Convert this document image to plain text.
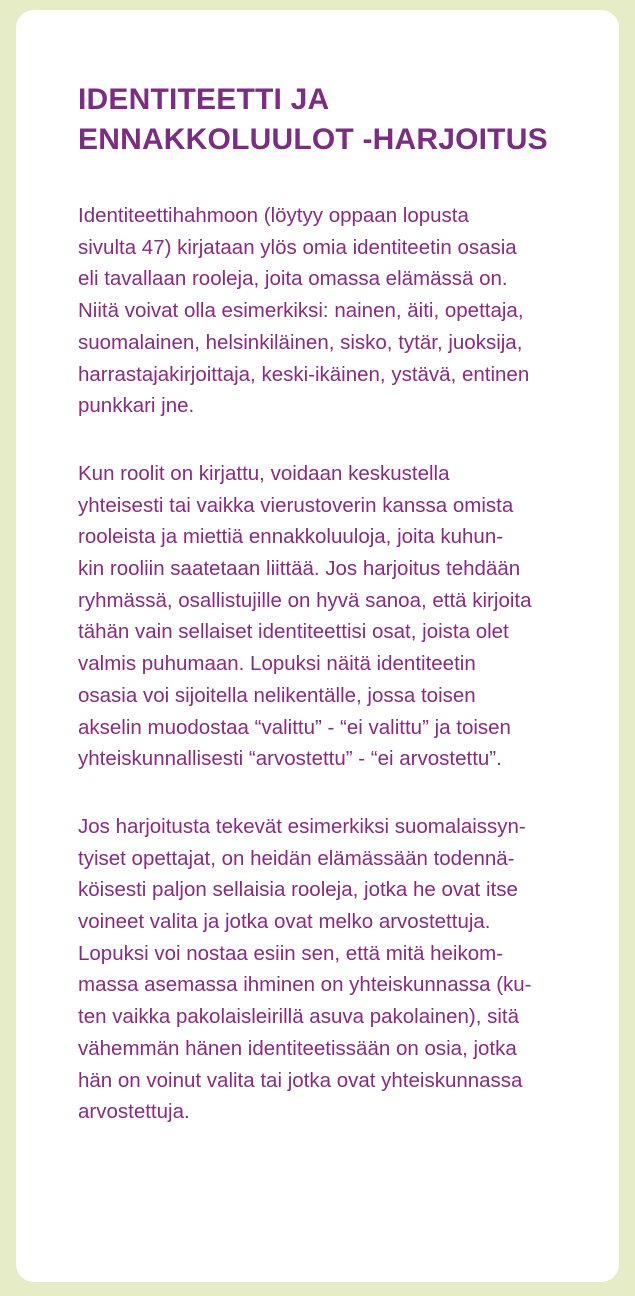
IDENTITEETTI JA
ENNAKKOLUULOT -HARJOITUS

Identiteettihahmoon (löytyy oppaan lopusta
sivulta 47) kirjataan ylös omia identiteetin osasia
eli tavallaan rooleja, joita omassa elämässä on.
Niitä voivat olla esimerkiksi: nainen, äiti, opettaja,
suomalainen, helsinkiläinen, sisko, tytär, juoksija,
harrastajakirjoittaja, keski-ikäinen, ystävä, entinen
punkkari jne.

Kun roolit on kirjattu, voidaan keskustella
yhteisesti tai vaikka vierustoverin kanssa omista
rooleista ja miettiä ennakkoluuloja, joita kuhun-
kin rooliin saatetaan liittää. Jos harjoitus tehdään
ryhmässä, osallistujille on hyvä sanoa, että kirjoita
tähän vain sellaiset identiteettisi osat, joista olet
valmis puhumaan. Lopuksi näitä identiteetin
osasia voi sijoitella nelikentälle, jossa toisen
akselin muodostaa “valittu” - “ei valittu” ja toisen
yhteiskunnallisesti “arvostettu” - “ei arvostettu”.

Jos harjoitusta tekevät esimerkiksi suomalaissyn-
tyiset opettajat, on heidän elämässään todennä-
köisesti paljon sellaisia rooleja, jotka he ovat itse
voineet valita ja jotka ovat melko arvostettuja.
Lopuksi voi nostaa esiin sen, että mitä heikom-
massa asemassa ihminen on yhteiskunnassa (ku-
ten vaikka pakolaisleirillä asuva pakolainen), sitä
vähemmän hänen identiteetissään on osia, jotka
hän on voinut valita tai jotka ovat yhteiskunnassa
arvostettuja.
